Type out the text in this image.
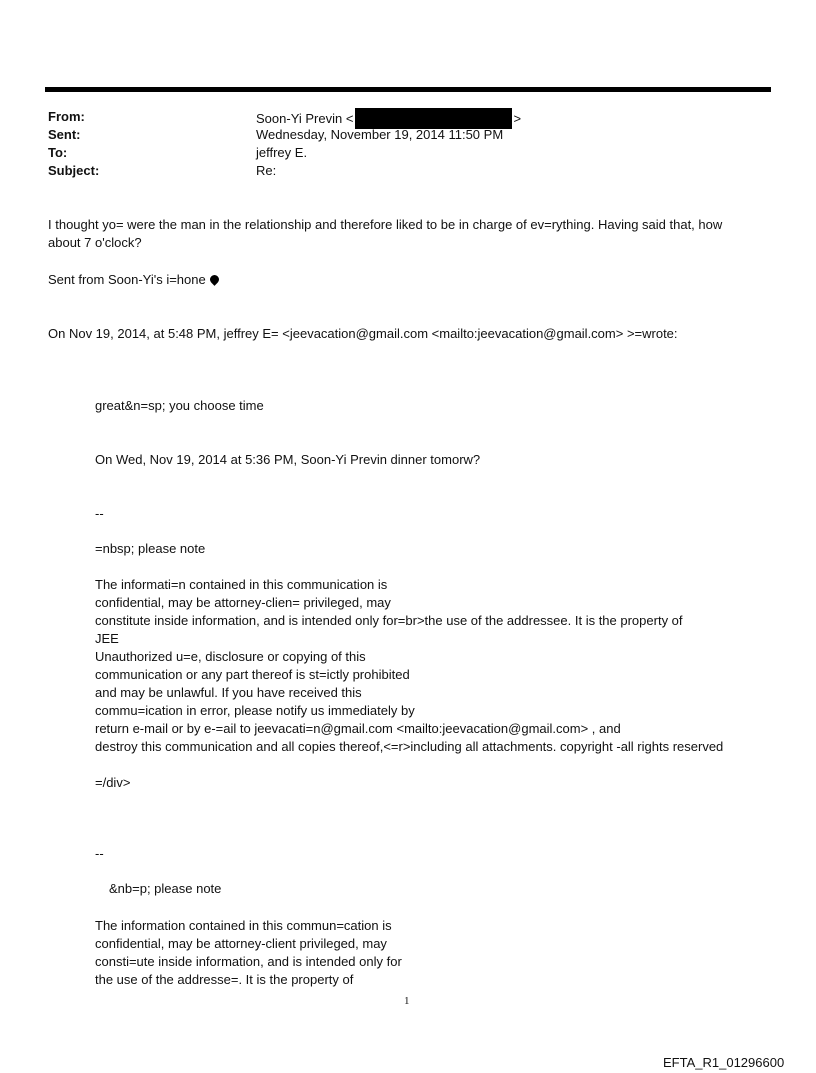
From:	Soon-Yi Previn <	>
Sent:	Wednesday, November 19, 2014 11:50 PM
To:	jeffrey E.
Subject:	Re:
I thought yo= were the man in the relationship and therefore liked to be in charge of ev=rything. Having said that, how
about 7 o'clock?
Sent from Soon-Yi's i=hone
On Nov 19, 2014, at 5:48 PM, jeffrey E= <jeevacation@gmail.com <mailto:jeevacation@gmail.com> >=wrote:
great&n=sp; you choose time
On Wed, Nov 19, 2014 at 5:36 PM, Soon-Yi Previn dinner tomorw?
--
=nbsp; please note
The informati=n contained in this communication is
confidential, may be attorney-clien= privileged, may
constitute inside information, and is intended only for=br>the use of the addressee. It is the property of
JEE
Unauthorized u=e, disclosure or copying of this
communication or any part thereof is st=ictly prohibited
and may be unlawful. If you have received this
commu=ication in error, please notify us immediately by
return e-mail or by e-=ail to jeevacati=n@gmail.com <mailto:jeevacation@gmail.com> , and
destroy this communication and all copies thereof,<=r>including all attachments. copyright -all rights reserved
=/div>
--
&nb=p; please note
The information contained in this commun=cation is
confidential, may be attorney-client privileged, may
consti=ute inside information, and is intended only for
the use of the addresse=. It is the property of
1
EFTA_R1_01296600
